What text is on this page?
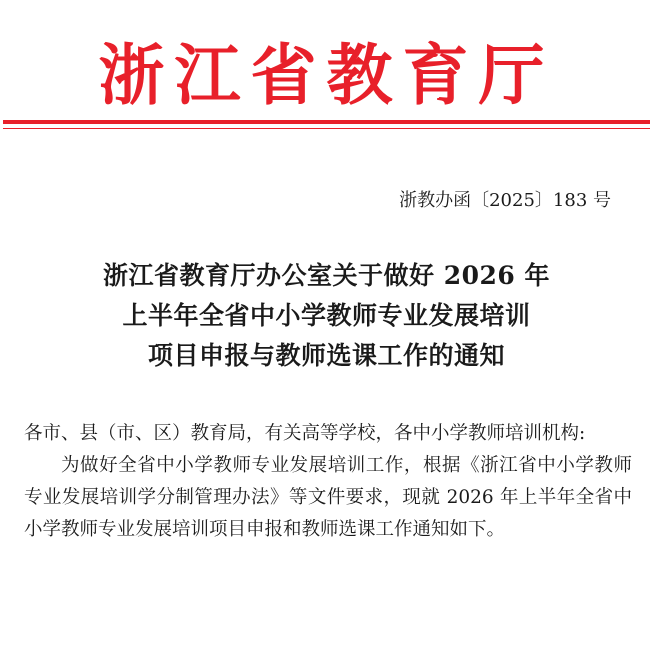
浙江省教育厅
浙教办函〔2025〕183 号
浙江省教育厅办公室关于做好 2026 年
上半年全省中小学教师专业发展培训
项目申报与教师选课工作的通知

各市、县（市、区）教育局，有关高等学校，各中小学教师培训机构:

为做好全省中小学教师专业发展培训工作，根据《浙江省中小学教师专业发展培训学分制管理办法》等文件要求，现就 2026 年上半年全省中小学教师专业发展培训项目申报和教师选课工作通知如下。
